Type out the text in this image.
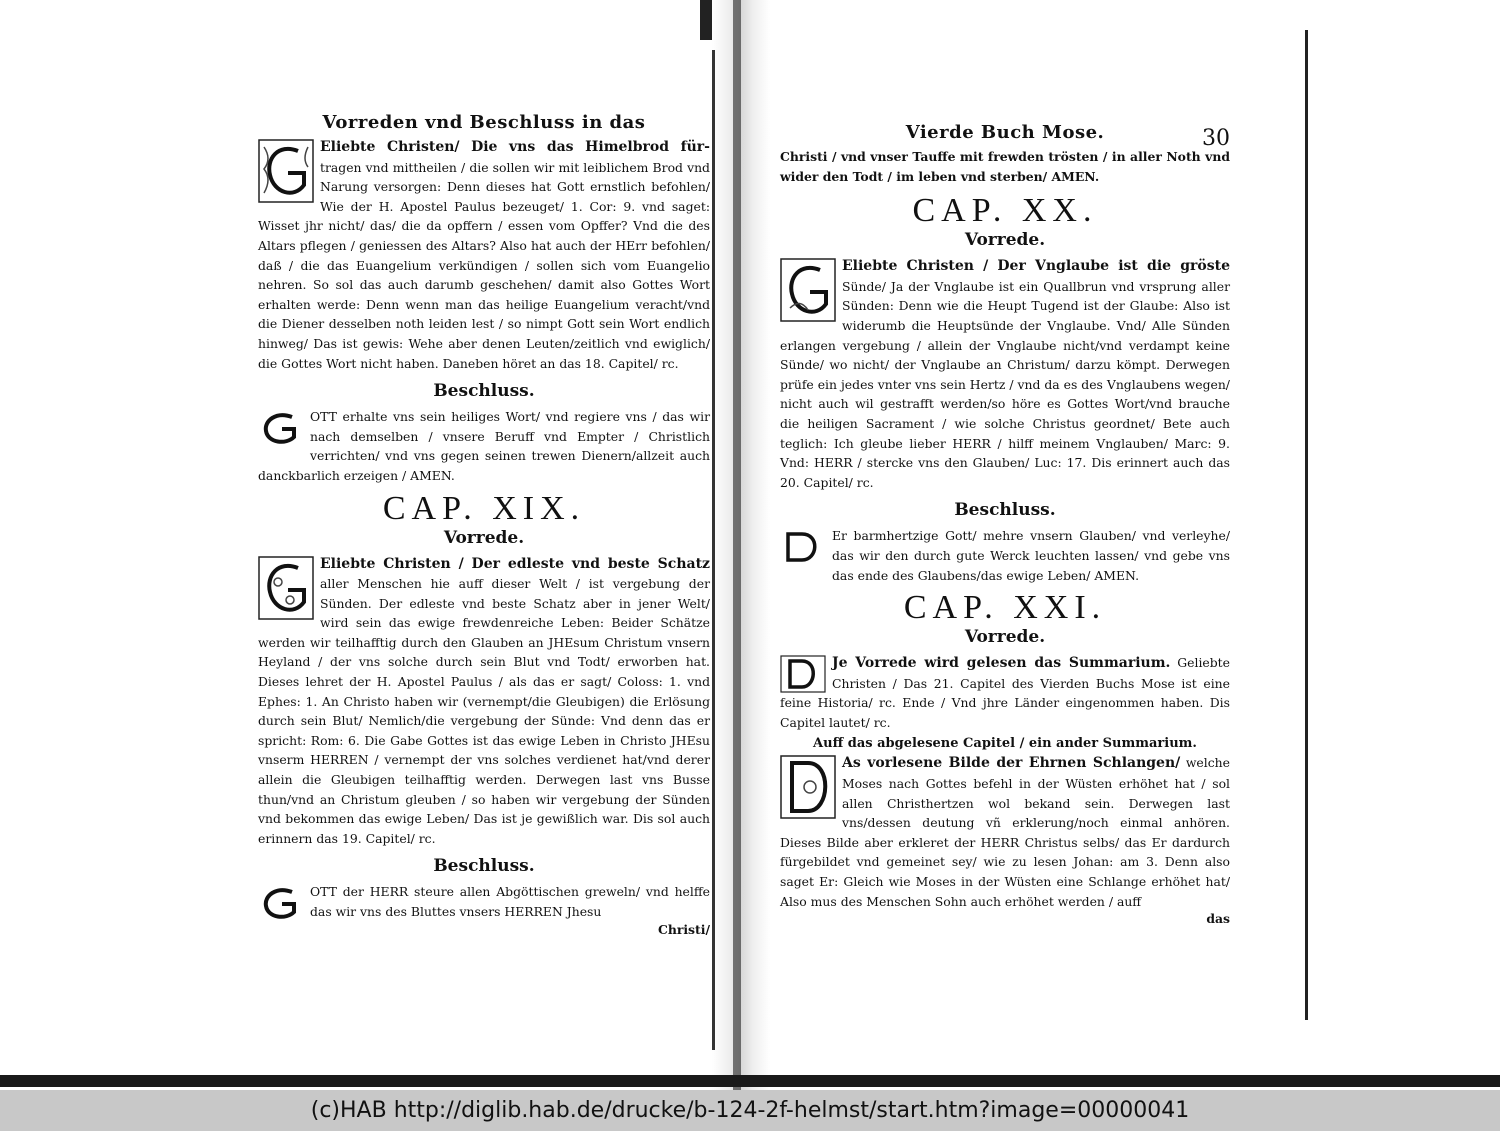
Vorreden vnd Beschluss in das

Eliebte Christen/ Die vns das Himelbrod für- tragen vnd mittheilen / die sollen wir mit leiblichem Brod vnd Narung versorgen: Denn dieses hat Gott ernstlich befohlen/ Wie der H. Apostel Paulus bezeuget/ 1. Cor: 9. vnd saget: Wisset jhr nicht/ das/ die da opffern / essen vom Opffer? Vnd die des Altars pflegen / geniessen des Altars? Also hat auch der HErr befohlen/ daß / die das Euangelium verkündigen / sollen sich vom Euangelio nehren. So sol das auch darumb geschehen/ damit also Gottes Wort erhalten werde: Denn wenn man das heilige Euangelium veracht/vnd die Diener desselben noth leiden lest / so nimpt Gott sein Wort endlich hinweg/ Das ist gewis: Wehe aber denen Leuten/zeitlich vnd ewiglich/ die Gottes Wort nicht haben. Daneben höret an das 18. Capitel/ rc.

Beschluss.

OTT erhalte vns sein heiliges Wort/ vnd regiere vns / das wir nach demselben / vnsere Beruff vnd Empter / Christlich verrichten/ vnd vns gegen seinen trewen Dienern/allzeit auch danckbarlich erzeigen / AMEN.

CAP. XIX.
Vorrede.

Eliebte Christen / Der edleste vnd beste Schatz aller Menschen hie auff dieser Welt / ist vergebung der Sünden. Der edleste vnd beste Schatz aber in jener Welt/ wird sein das ewige frewdenreiche Leben: Beider Schätze werden wir teilhafftig durch den Glauben an JHEsum Christum vnsern Heyland / der vns solche durch sein Blut vnd Todt/ erworben hat. Dieses lehret der H. Apostel Paulus / als das er sagt/ Coloss: 1. vnd Ephes: 1. An Christo haben wir (vernempt/die Gleubigen) die Erlösung durch sein Blut/ Nemlich/die vergebung der Sünde: Vnd denn das er spricht: Rom: 6. Die Gabe Gottes ist das ewige Leben in Christo JHEsu vnserm HERREN / vernempt der vns solches verdienet hat/vnd derer allein die Gleubigen teilhafftig werden. Derwegen last vns Busse thun/vnd an Christum gleuben / so haben wir vergebung der Sünden vnd bekommen das ewige Leben/ Das ist je gewißlich war. Dis sol auch erinnern das 19. Capitel/ rc.

Beschluss.

OTT der HERR steure allen Abgöttischen greweln/ vnd helffe das wir vns des Bluttes vnsers HERREN Jhesu

Christi/

Vierde Buch Mose.	30

Christi / vnd vnser Tauffe mit frewden trösten / in aller Noth vnd wider den Todt / im leben vnd sterben/ AMEN.

CAP. XX.
Vorrede.

Eliebte Christen / Der Vnglaube ist die gröste Sünde/ Ja der Vnglaube ist ein Quallbrun vnd vrsprung aller Sünden: Denn wie die Heupt Tugend ist der Glaube: Also ist widerumb die Heuptsünde der Vnglaube. Vnd/ Alle Sünden erlangen vergebung / allein der Vnglaube nicht/vnd verdampt keine Sünde/ wo nicht/ der Vnglaube an Christum/ darzu kömpt. Derwegen prüfe ein jedes vnter vns sein Hertz / vnd da es des Vnglaubens wegen/ nicht auch wil gestrafft werden/so höre es Gottes Wort/vnd brauche die heiligen Sacrament / wie solche Christus geordnet/ Bete auch teglich: Ich gleube lieber HERR / hilff meinem Vnglauben/ Marc: 9. Vnd: HERR / stercke vns den Glauben/ Luc: 17. Dis erinnert auch das 20. Capitel/ rc.

Beschluss.

Er barmhertzige Gott/ mehre vnsern Glauben/ vnd verleyhe/ das wir den durch gute Werck leuchten lassen/ vnd gebe vns das ende des Glaubens/das ewige Leben/ AMEN.

CAP. XXI.
Vorrede.

Je Vorrede wird gelesen das Summarium. Geliebte Christen / Das 21. Capitel des Vierden Buchs Mose ist eine feine Historia/ rc. Ende / Vnd jhre Länder eingenommen haben. Dis Capitel lautet/ rc.

Auff das abgelesene Capitel / ein ander Summarium.

As vorlesene Bilde der Ehrnen Schlangen/ welche Moses nach Gottes befehl in der Wüsten erhöhet hat / sol allen Christhertzen wol bekand sein. Derwegen last vns/dessen deutung vñ erklerung/noch einmal anhören. Dieses Bilde aber erkleret der HERR Christus selbs/ das Er dardurch fürgebildet vnd gemeinet sey/ wie zu lesen Johan: am 3. Denn also saget Er: Gleich wie Moses in der Wüsten eine Schlange erhöhet hat/ Also mus des Menschen Sohn auch erhöhet werden / auff

das

(c)HAB http://diglib.hab.de/drucke/b-124-2f-helmst/start.htm?image=00000041
